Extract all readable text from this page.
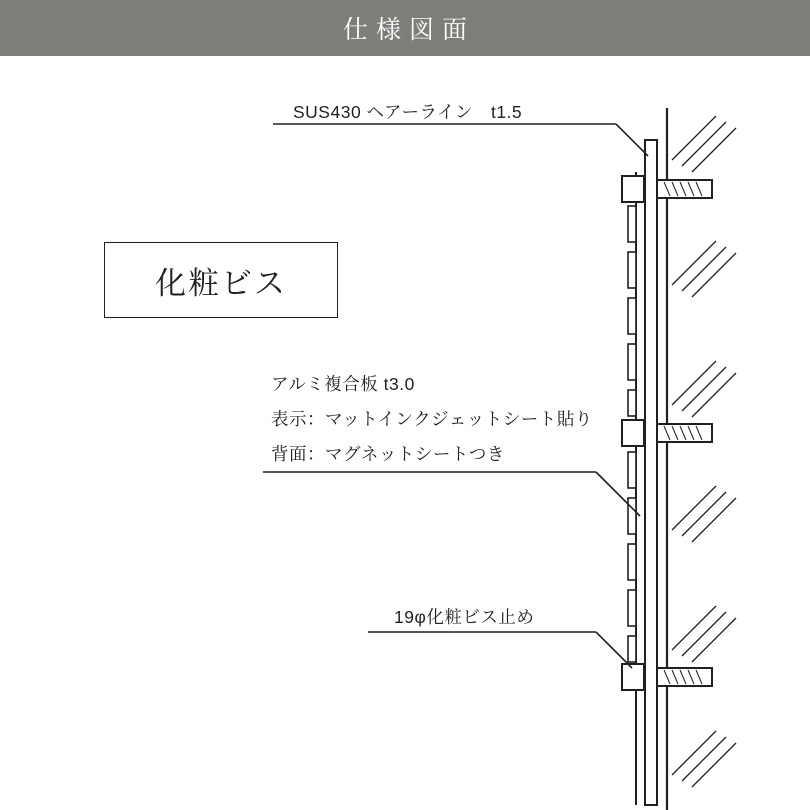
仕様図面
化粧ビス
SUS430 ヘアーライン　t1.5
アルミ複合板 t3.0
表示：マットインクジェットシート貼り
背面：マグネットシートつき
19φ化粧ビス止め
